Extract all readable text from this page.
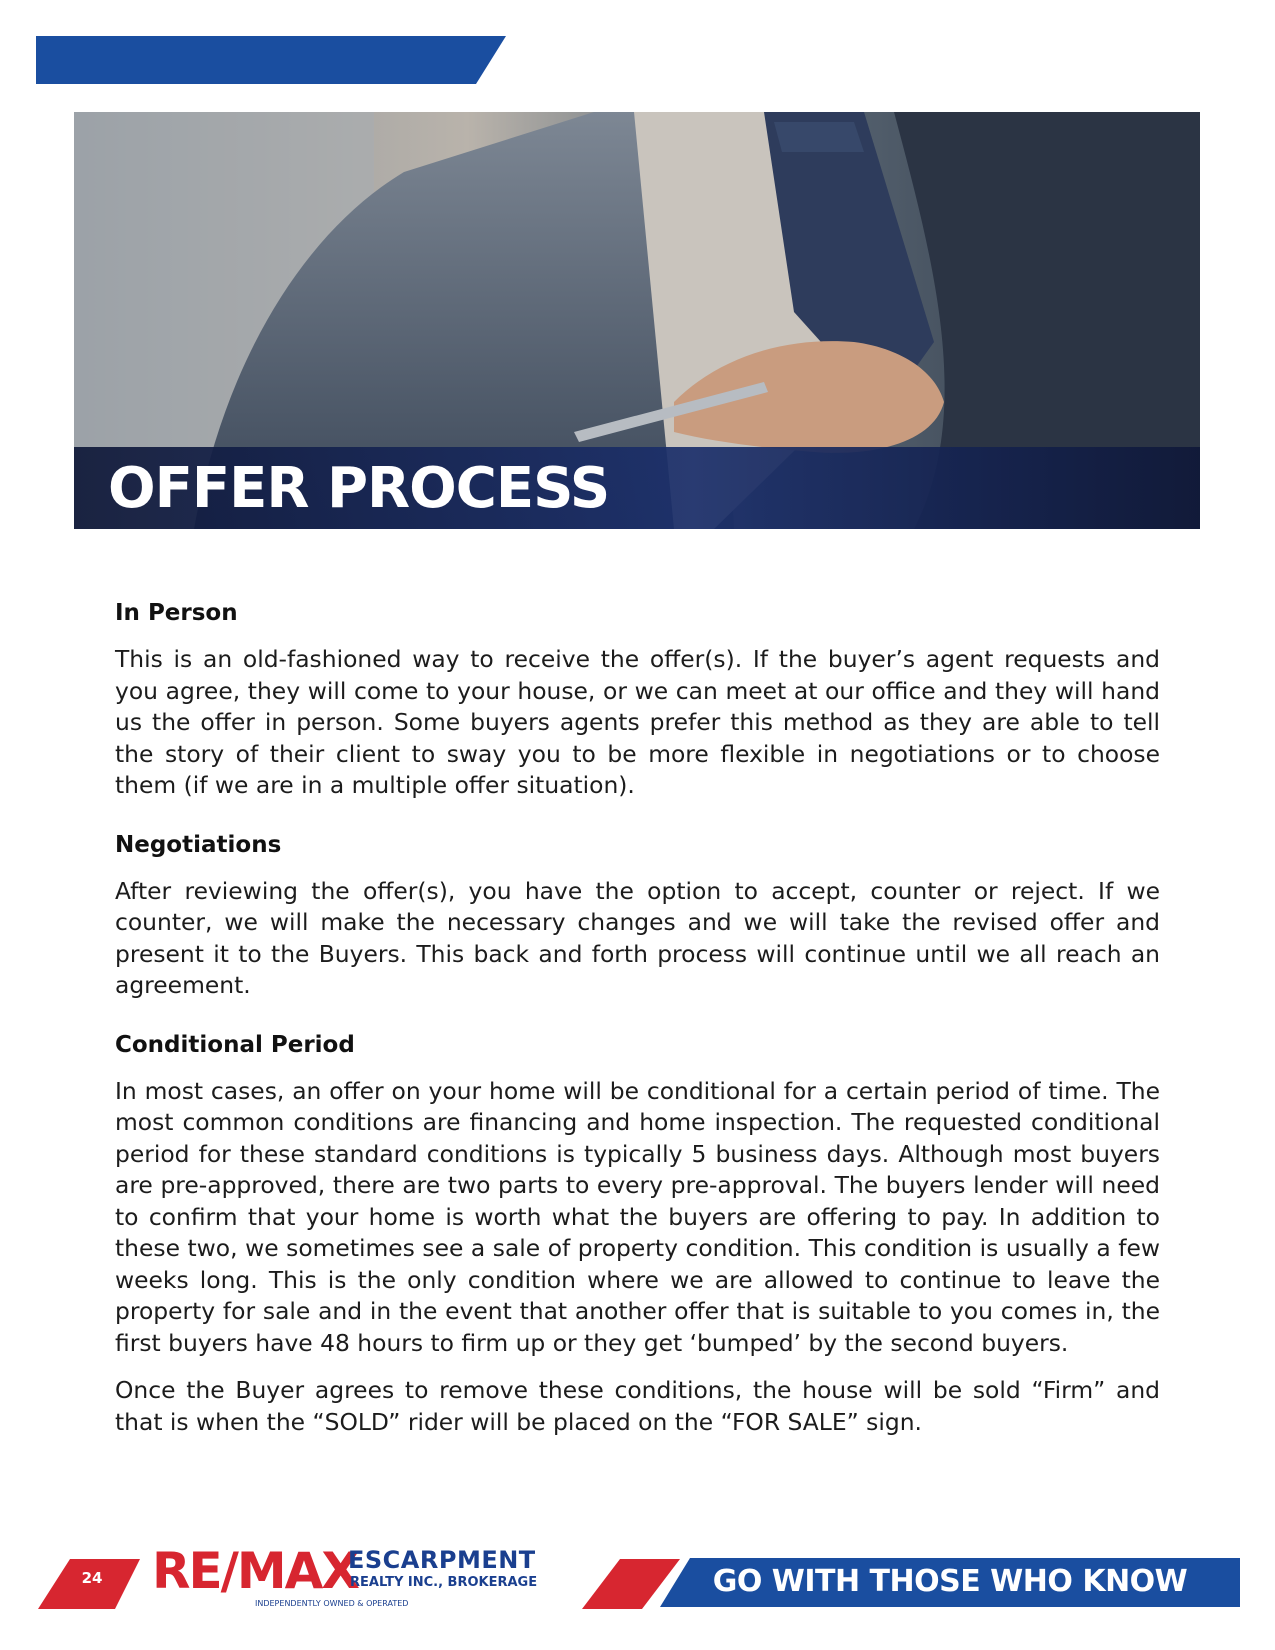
OFFER PROCESS
In Person

This is an old-fashioned way to receive the offer(s). If the buyer’s agent requests and you agree, they will come to your house, or we can meet at our office and they will hand us the offer in person. Some buyers agents prefer this method as they are able to tell the story of their client to sway you to be more flexible in negotiations or to choose them (if we are in a multiple offer situation).

Negotiations

After reviewing the offer(s), you have the option to accept, counter or reject. If we counter, we will make the necessary changes and we will take the revised offer and present it to the Buyers. This back and forth process will continue until we all reach an agreement.

Conditional Period

In most cases, an offer on your home will be conditional for a certain period of time. The most common conditions are financing and home inspection. The requested conditional period for these standard conditions is typically 5 business days. Although most buyers are pre-approved, there are two parts to every pre-approval. The buyers lender will need to confirm that your home is worth what the buyers are offering to pay. In addition to these two, we sometimes see a sale of property condition. This condition is usually a few weeks long. This is the only condition where we are allowed to continue to leave the property for sale and in the event that another offer that is suitable to you comes in, the first buyers have 48 hours to firm up or they get ‘bumped’ by the second buyers.

Once the Buyer agrees to remove these conditions, the house will be sold “Firm” and that is when the “SOLD” rider will be placed on the “FOR SALE” sign.

24 RE/MAX
ESCARPMENT
REALTY INC., BROKERAGE
INDEPENDENTLY OWNED & OPERATED
GO WITH THOSE WHO KNOW
